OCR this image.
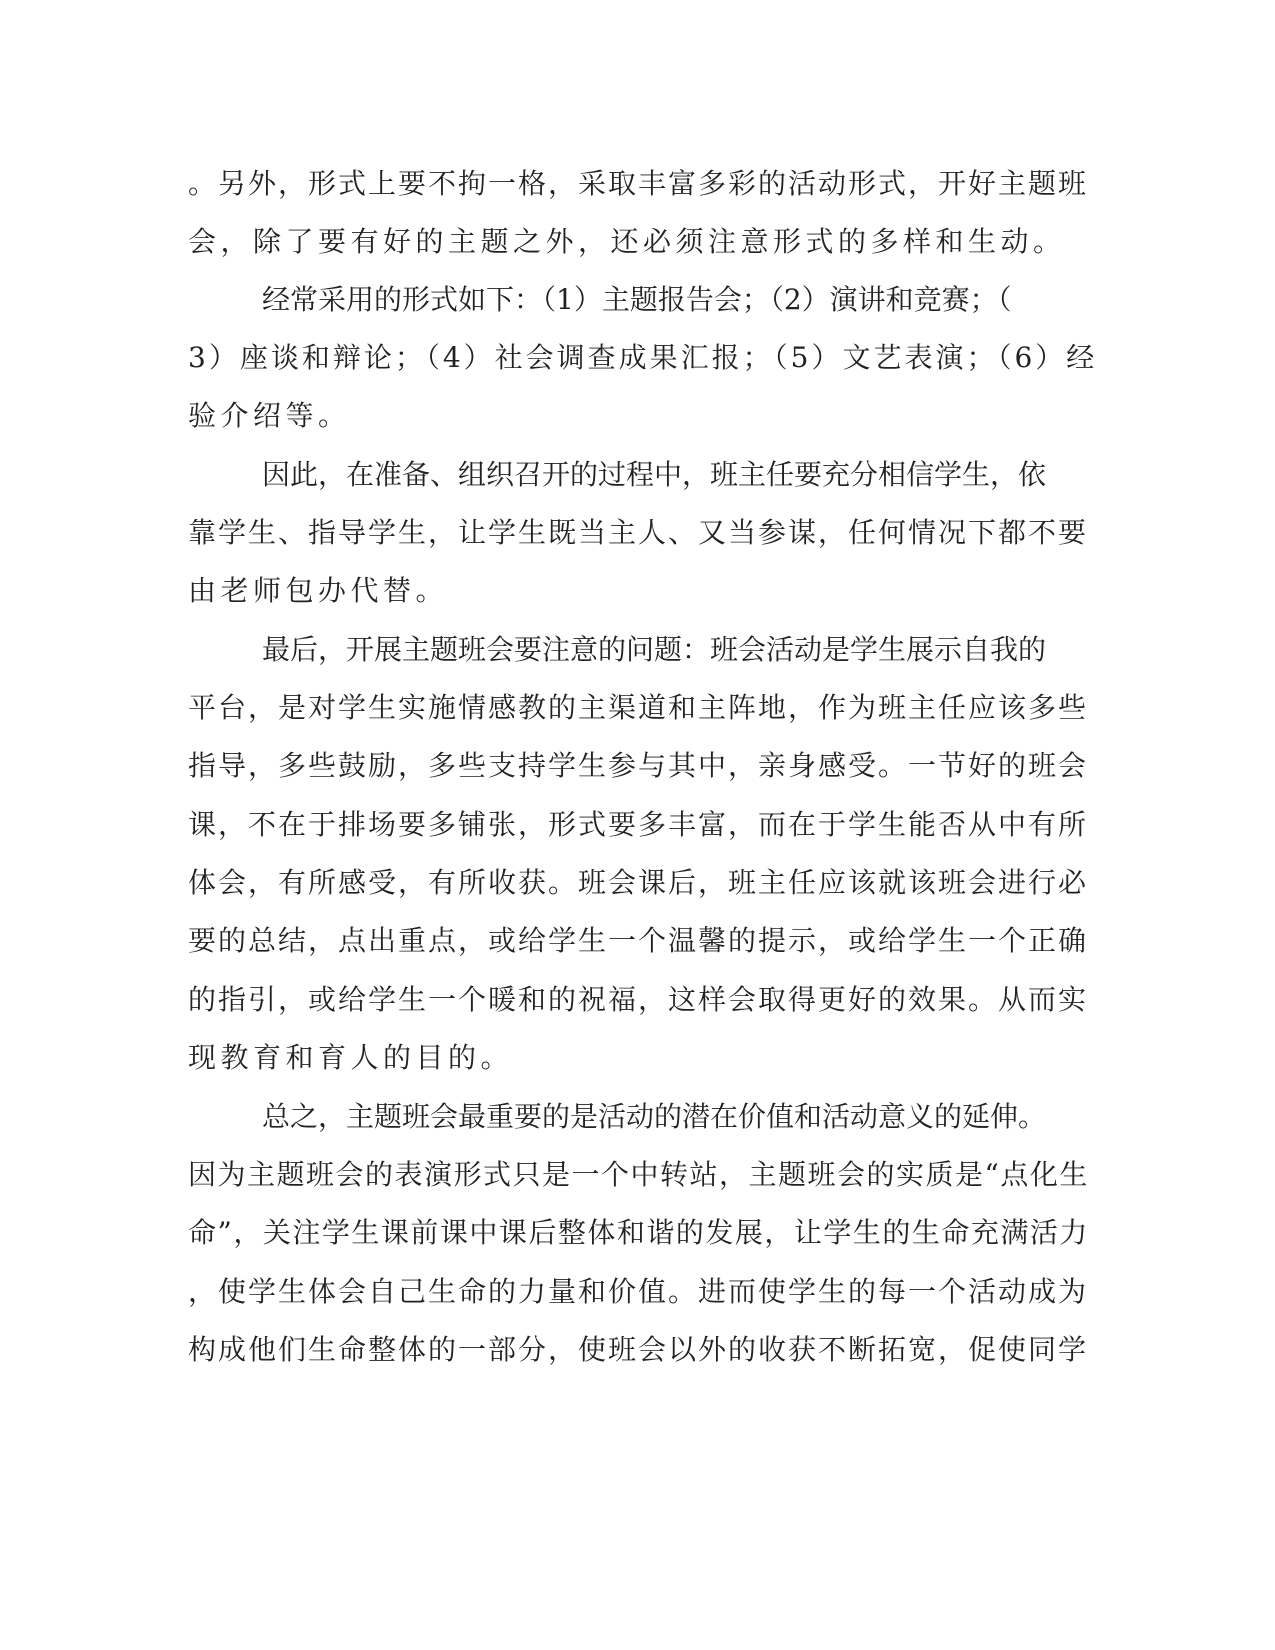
。另外，形式上要不拘一格，采取丰富多彩的活动形式，开好主题班
会，除了要有好的主题之外，还必须注意形式的多样和生动。
经常采用的形式如下：（1）主题报告会；（2）演讲和竞赛；（
3）座谈和辩论；（4）社会调查成果汇报；（5）文艺表演；（6）经
验介绍等。
因此，在准备、组织召开的过程中，班主任要充分相信学生，依
靠学生、指导学生，让学生既当主人、又当参谋，任何情况下都不要
由老师包办代替。
最后，开展主题班会要注意的问题：班会活动是学生展示自我的
平台，是对学生实施情感教的主渠道和主阵地，作为班主任应该多些
指导，多些鼓励，多些支持学生参与其中，亲身感受。一节好的班会
课，不在于排场要多铺张，形式要多丰富，而在于学生能否从中有所
体会，有所感受，有所收获。班会课后，班主任应该就该班会进行必
要的总结，点出重点，或给学生一个温馨的提示，或给学生一个正确
的指引，或给学生一个暖和的祝福，这样会取得更好的效果。从而实
现教育和育人的目的。
总之，主题班会最重要的是活动的潜在价值和活动意义的延伸。
因为主题班会的表演形式只是一个中转站，主题班会的实质是“点化生
命”，关注学生课前课中课后整体和谐的发展，让学生的生命充满活力
，使学生体会自己生命的力量和价值。进而使学生的每一个活动成为
构成他们生命整体的一部分，使班会以外的收获不断拓宽，促使同学
